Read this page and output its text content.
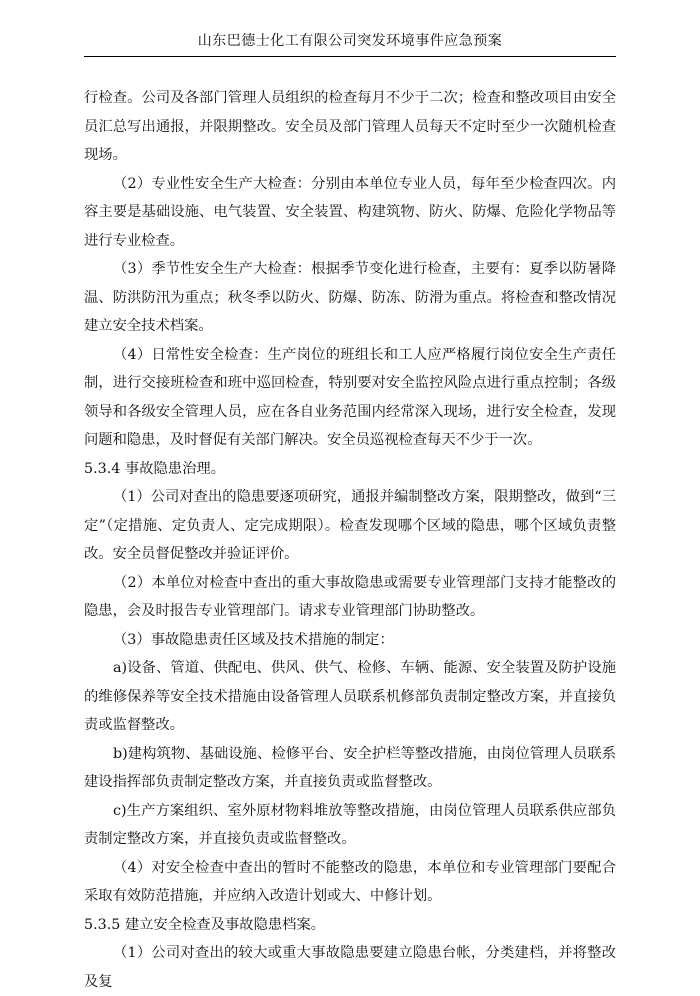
山东巴德士化工有限公司突发环境事件应急预案

行检查。公司及各部门管理人员组织的检查每月不少于二次；检查和整改项目由安全员汇总写出通报，并限期整改。安全员及部门管理人员每天不定时至少一次随机检查现场。

（2）专业性安全生产大检查：分别由本单位专业人员，每年至少检查四次。内容主要是基础设施、电气装置、安全装置、构建筑物、防火、防爆、危险化学物品等进行专业检查。

（3）季节性安全生产大检查：根据季节变化进行检查，主要有：夏季以防暑降温、防洪防汛为重点；秋冬季以防火、防爆、防冻、防滑为重点。将检查和整改情况建立安全技术档案。

（4）日常性安全检查：生产岗位的班组长和工人应严格履行岗位安全生产责任制，进行交接班检查和班中巡回检查，特别要对安全监控风险点进行重点控制；各级领导和各级安全管理人员，应在各自业务范围内经常深入现场，进行安全检查，发现问题和隐患，及时督促有关部门解决。安全员巡视检查每天不少于一次。

5.3.4 事故隐患治理。

（1）公司对查出的隐患要逐项研究，通报并编制整改方案，限期整改，做到“三定”（定措施、定负责人、定完成期限）。检查发现哪个区域的隐患，哪个区域负责整改。安全员督促整改并验证评价。

（2）本单位对检查中查出的重大事故隐患或需要专业管理部门支持才能整改的隐患，会及时报告专业管理部门。请求专业管理部门协助整改。

（3）事故隐患责任区域及技术措施的制定：

a)设备、管道、供配电、供风、供气、检修、车辆、能源、安全装置及防护设施的维修保养等安全技术措施由设备管理人员联系机修部负责制定整改方案，并直接负责或监督整改。

b)建构筑物、基础设施、检修平台、安全护栏等整改措施，由岗位管理人员联系建设指挥部负责制定整改方案，并直接负责或监督整改。

c)生产方案组织、室外原材物料堆放等整改措施，由岗位管理人员联系供应部负责制定整改方案，并直接负责或监督整改。

（4）对安全检查中查出的暂时不能整改的隐患，本单位和专业管理部门要配合采取有效防范措施，并应纳入改造计划或大、中修计划。

5.3.5 建立安全检查及事故隐患档案。

（1）公司对查出的较大或重大事故隐患要建立隐患台帐，分类建档，并将整改及复
